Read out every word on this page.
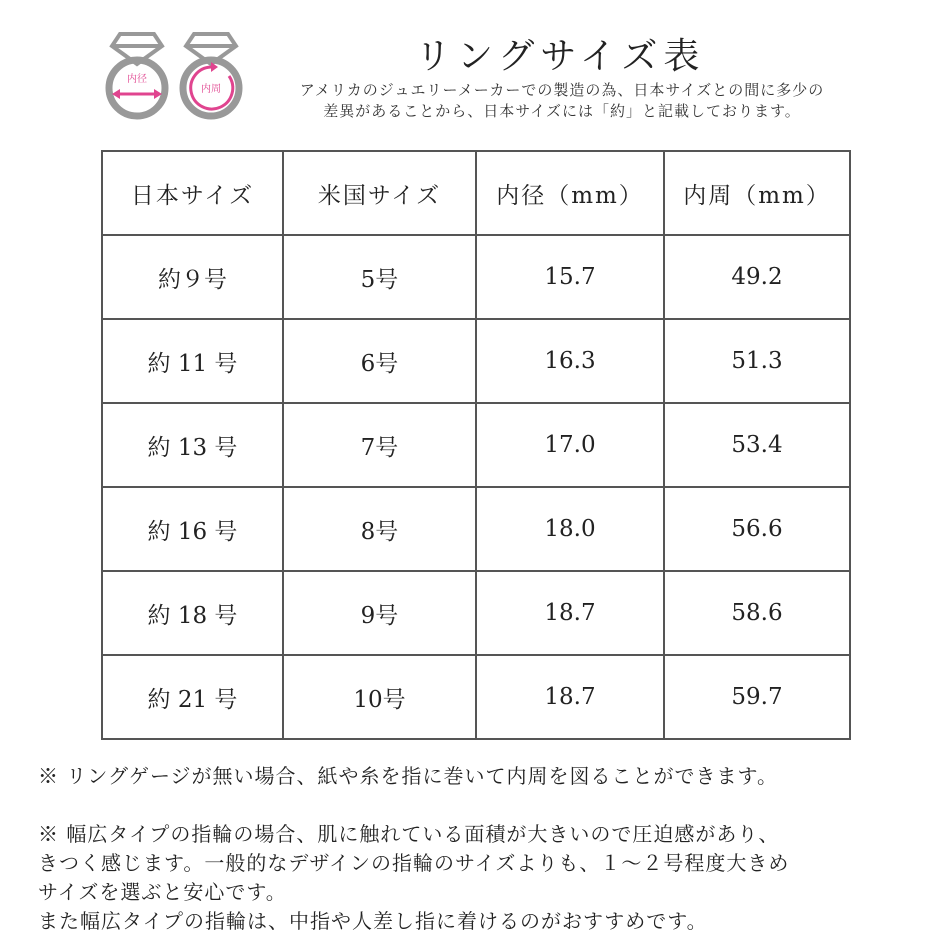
内径
内周
リングサイズ表
アメリカのジュエリーメーカーでの製造の為、日本サイズとの間に多少の
差異があることから、日本サイズには「約」と記載しております。
日本サイズ	米国サイズ	内径（mm）	内周（mm）
約９号	5号	15.7	49.2
約 11 号	6号	16.3	51.3
約 13 号	7号	17.0	53.4
約 16 号	8号	18.0	56.6
約 18 号	9号	18.7	58.6
約 21 号	10号	18.7	59.7

※ リングゲージが無い場合、紙や糸を指に巻いて内周を図ることができます。

※ 幅広タイプの指輪の場合、肌に触れている面積が大きいので圧迫感があり、

きつく感じます。一般的なデザインの指輪のサイズよりも、１～２号程度大きめ

サイズを選ぶと安心です。

また幅広タイプの指輪は、中指や人差し指に着けるのがおすすめです。
